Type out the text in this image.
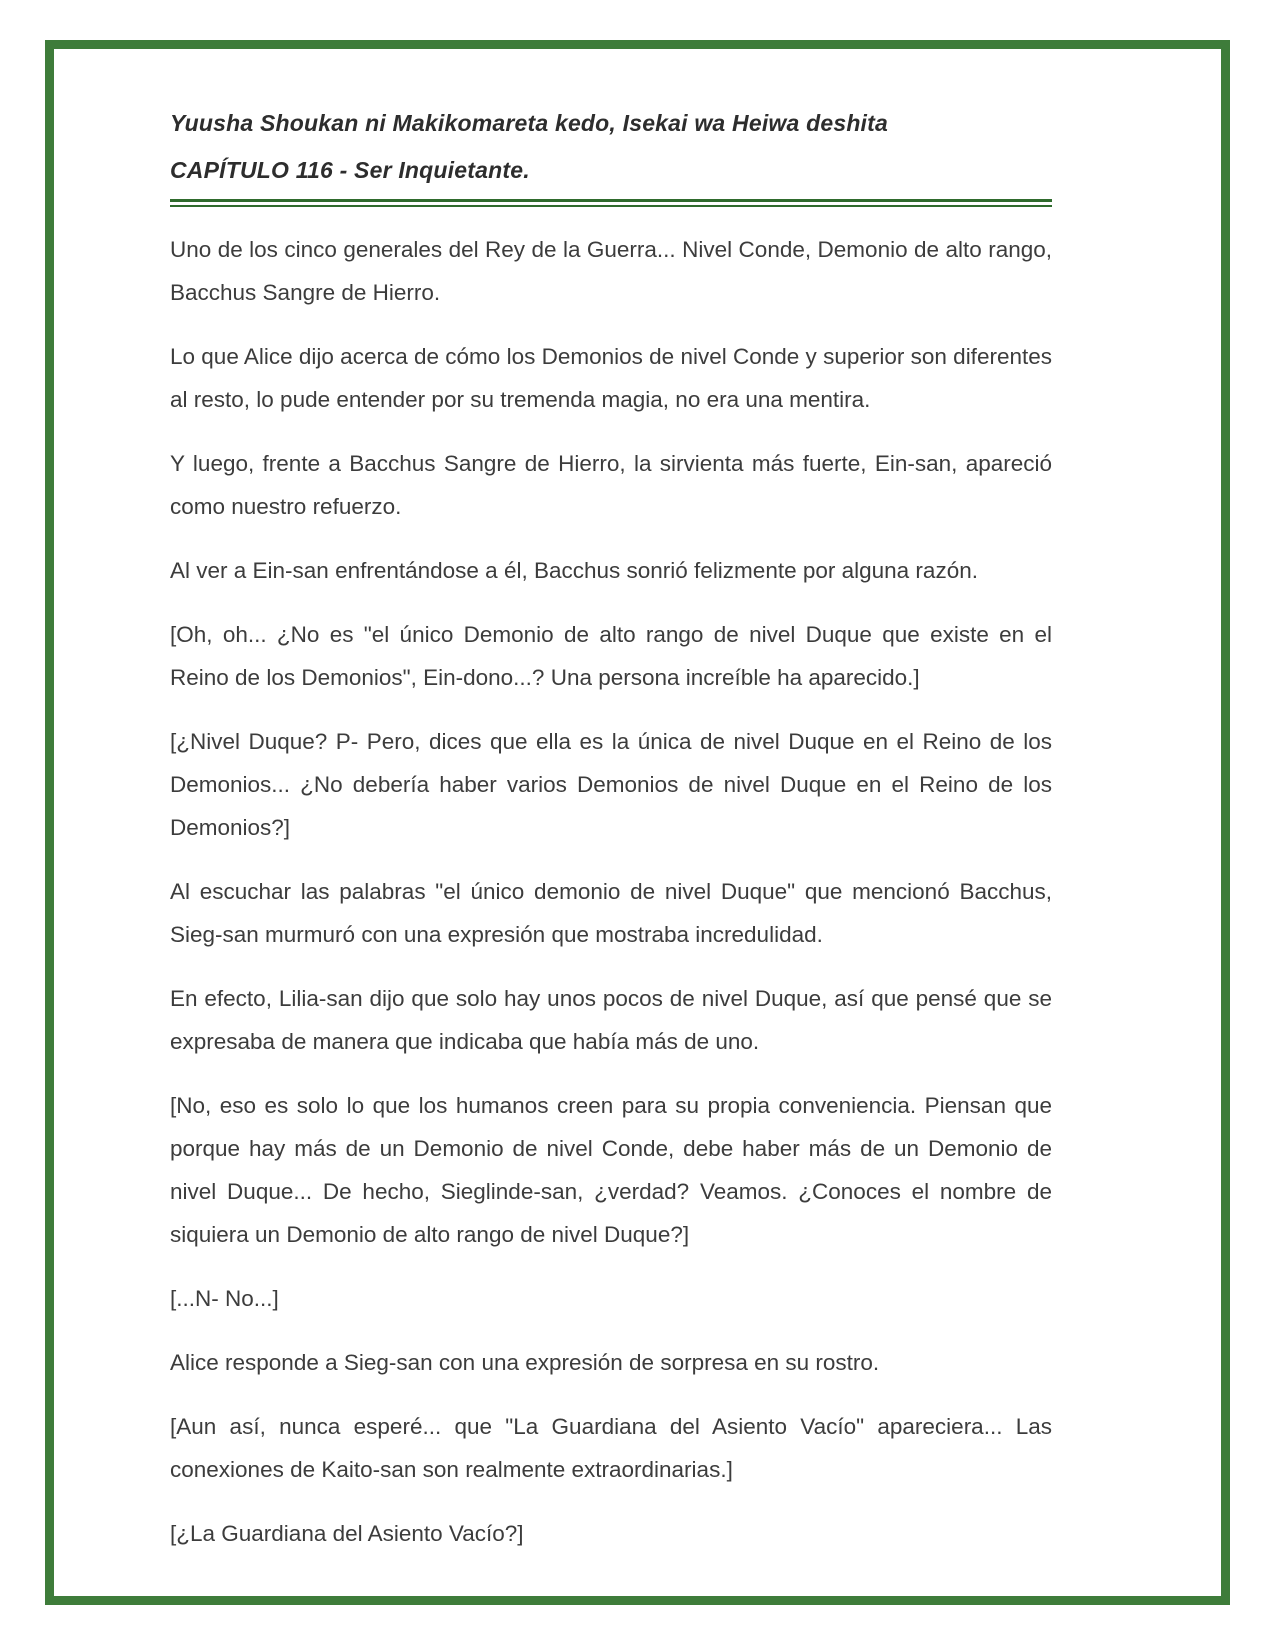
Yuusha Shoukan ni Makikomareta kedo, Isekai wa Heiwa deshita
CAPÍTULO 116 - Ser Inquietante.

Uno de los cinco generales del Rey de la Guerra... Nivel Conde, Demonio de alto rango, Bacchus Sangre de Hierro.

Lo que Alice dijo acerca de cómo los Demonios de nivel Conde y superior son diferentes al resto, lo pude entender por su tremenda magia, no era una mentira.

Y luego, frente a Bacchus Sangre de Hierro, la sirvienta más fuerte, Ein-san, apareció como nuestro refuerzo.

Al ver a Ein-san enfrentándose a él, Bacchus sonrió felizmente por alguna razón.

[Oh, oh... ¿No es "el único Demonio de alto rango de nivel Duque que existe en el Reino de los Demonios", Ein-dono...? Una persona increíble ha aparecido.]

[¿Nivel Duque? P- Pero, dices que ella es la única de nivel Duque en el Reino de los Demonios... ¿No debería haber varios Demonios de nivel Duque en el Reino de los Demonios?]

Al escuchar las palabras "el único demonio de nivel Duque" que mencionó Bacchus, Sieg-san murmuró con una expresión que mostraba incredulidad.

En efecto, Lilia-san dijo que solo hay unos pocos de nivel Duque, así que pensé que se expresaba de manera que indicaba que había más de uno.

[No, eso es solo lo que los humanos creen para su propia conveniencia. Piensan que porque hay más de un Demonio de nivel Conde, debe haber más de un Demonio de nivel Duque... De hecho, Sieglinde-san, ¿verdad? Veamos. ¿Conoces el nombre de siquiera un Demonio de alto rango de nivel Duque?]

[...N- No...]

Alice responde a Sieg-san con una expresión de sorpresa en su rostro.

[Aun así, nunca esperé... que "La Guardiana del Asiento Vacío" apareciera... Las conexiones de Kaito-san son realmente extraordinarias.]

[¿La Guardiana del Asiento Vacío?]
